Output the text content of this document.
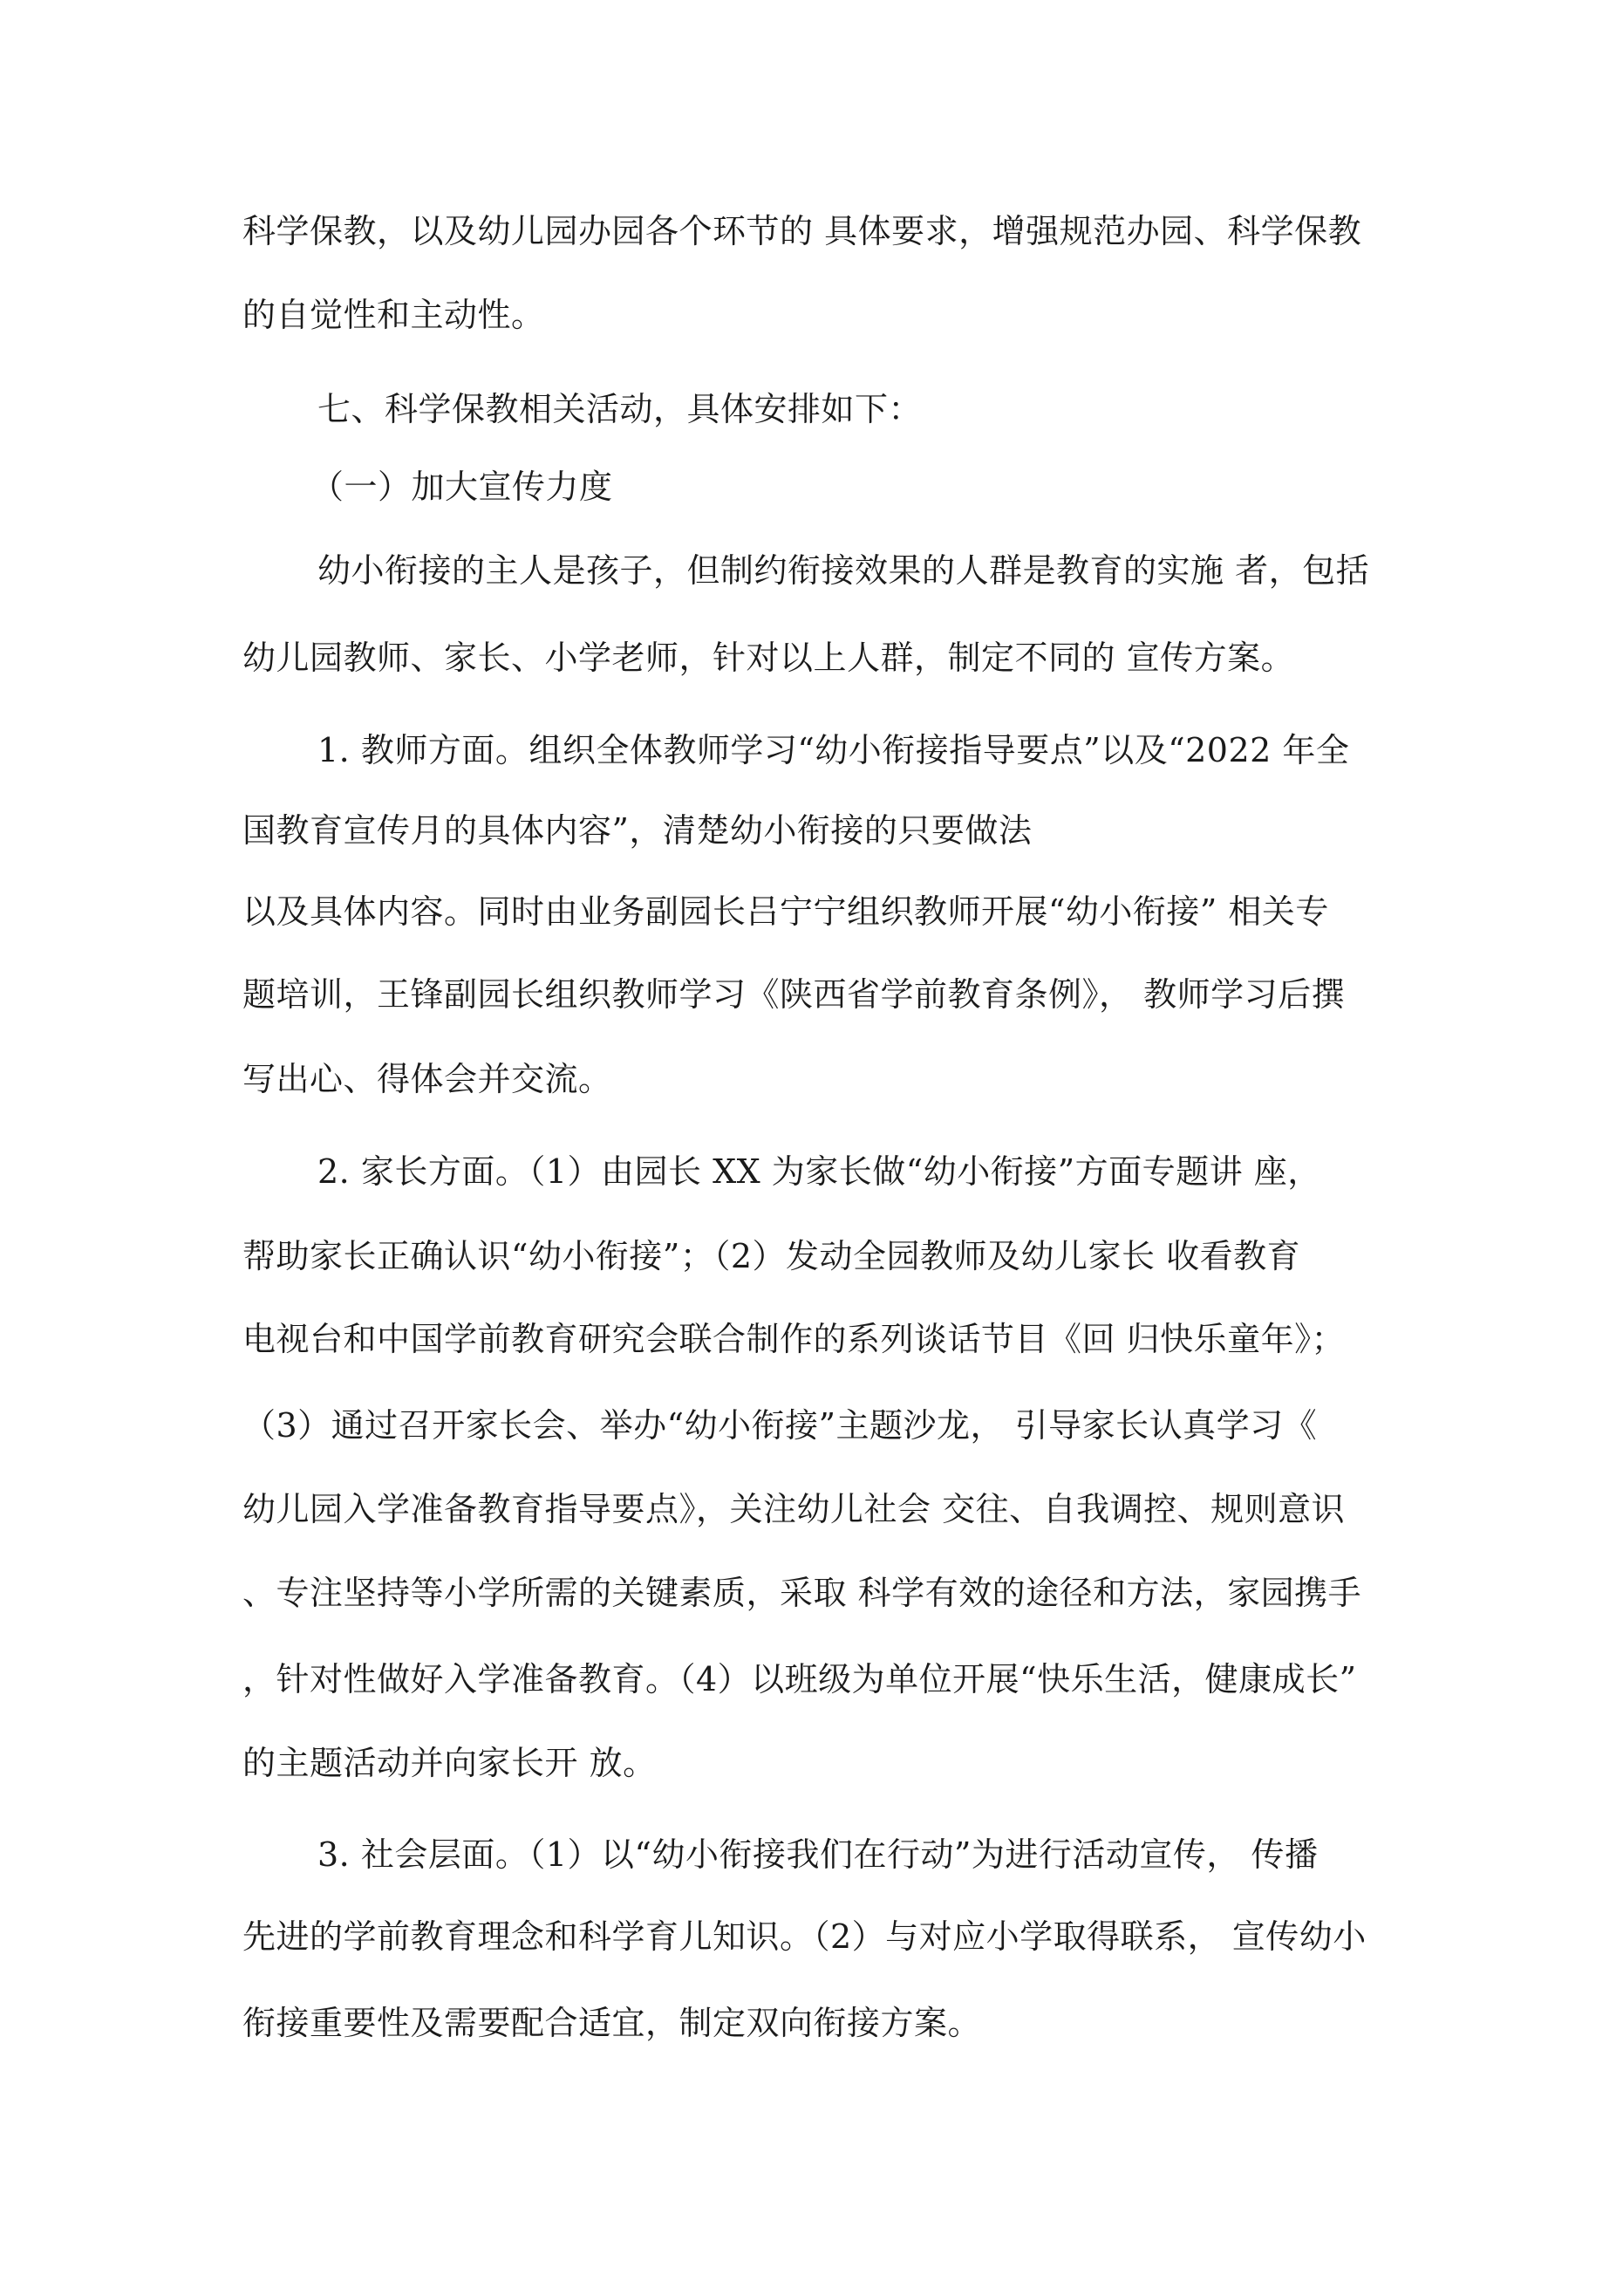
科学保教，以及幼儿园办园各个环节的 具体要求，增强规范办园、科学保教
的自觉性和主动性。
七、科学保教相关活动，具体安排如下：
（一）加大宣传力度
幼小衔接的主人是孩子，但制约衔接效果的人群是教育的实施 者，包括
幼儿园教师、家长、小学老师，针对以上人群，制定不同的 宣传方案。
1. 教师方面。组织全体教师学习“幼小衔接指导要点”以及“2022 年全
国教育宣传月的具体内容”，清楚幼小衔接的只要做法
以及具体内容。同时由业务副园长吕宁宁组织教师开展“幼小衔接” 相关专
题培训，王锋副园长组织教师学习《陕西省学前教育条例》， 教师学习后撰
写出心、得体会并交流。
2. 家长方面。（1）由园长 XX 为家长做“幼小衔接”方面专题讲 座，
帮助家长正确认识“幼小衔接”；（2）发动全园教师及幼儿家长 收看教育
电视台和中国学前教育研究会联合制作的系列谈话节目《回 归快乐童年》；
（3）通过召开家长会、举办“幼小衔接”主题沙龙， 引导家长认真学习《
幼儿园入学准备教育指导要点》，关注幼儿社会 交往、自我调控、规则意识
、专注坚持等小学所需的关键素质，采取 科学有效的途径和方法，家园携手
，针对性做好入学准备教育。（4）以班级为单位开展“快乐生活，健康成长”
的主题活动并向家长开 放。
3. 社会层面。（1）以“幼小衔接我们在行动”为进行活动宣传， 传播
先进的学前教育理念和科学育儿知识。（2）与对应小学取得联系， 宣传幼小
衔接重要性及需要配合适宜，制定双向衔接方案。
